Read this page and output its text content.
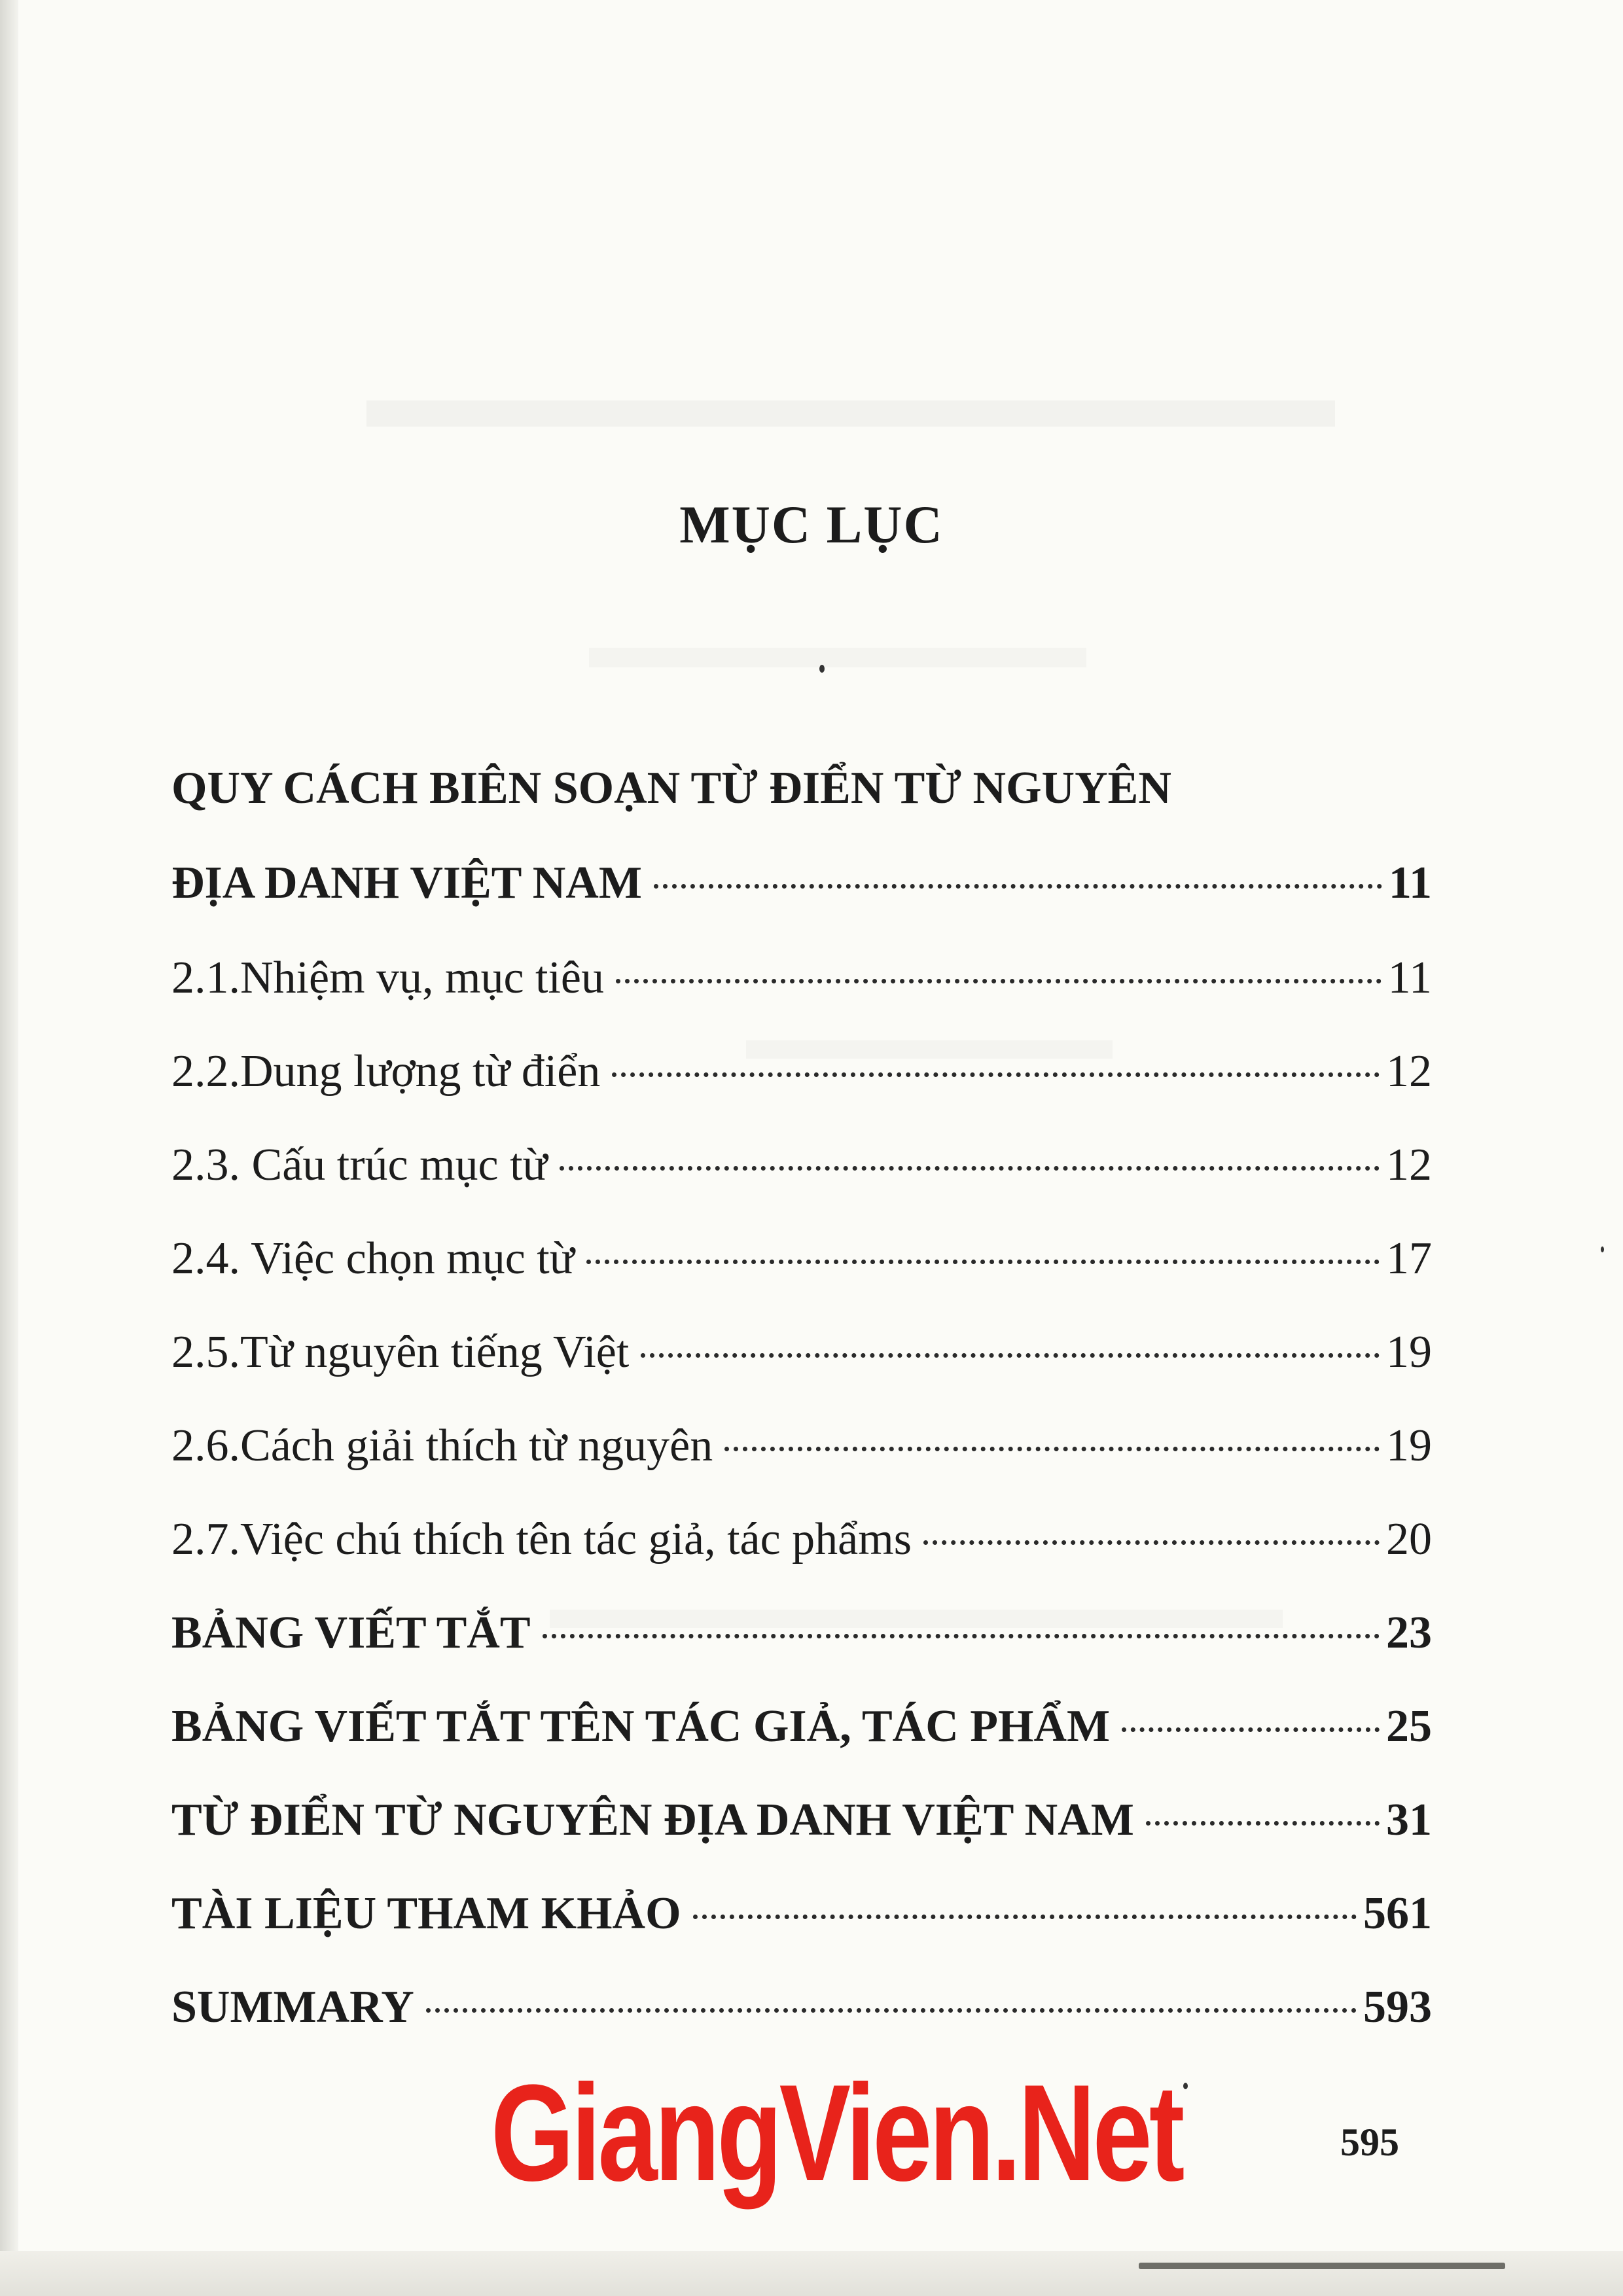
MỤC LỤC
QUY CÁCH BIÊN SOẠN TỪ ĐIỂN TỪ NGUYÊN
ĐỊA DANH VIỆT NAM	11
2.1.Nhiệm vụ, mục tiêu	11
2.2.Dung lượng từ điển	12
2.3. Cấu trúc mục từ	12
2.4. Việc chọn mục từ	17
2.5.Từ nguyên tiếng Việt	19
2.6.Cách giải thích từ nguyên	19
2.7.Việc chú thích tên tác giả, tác phẩms	20
BẢNG VIẾT TẮT	23
BẢNG VIẾT TẮT TÊN TÁC GIẢ, TÁC PHẨM	25
TỪ ĐIỂN TỪ NGUYÊN ĐỊA DANH VIỆT NAM	31
TÀI LIỆU THAM KHẢO	561
SUMMARY	593
GiangVien.Net	595
